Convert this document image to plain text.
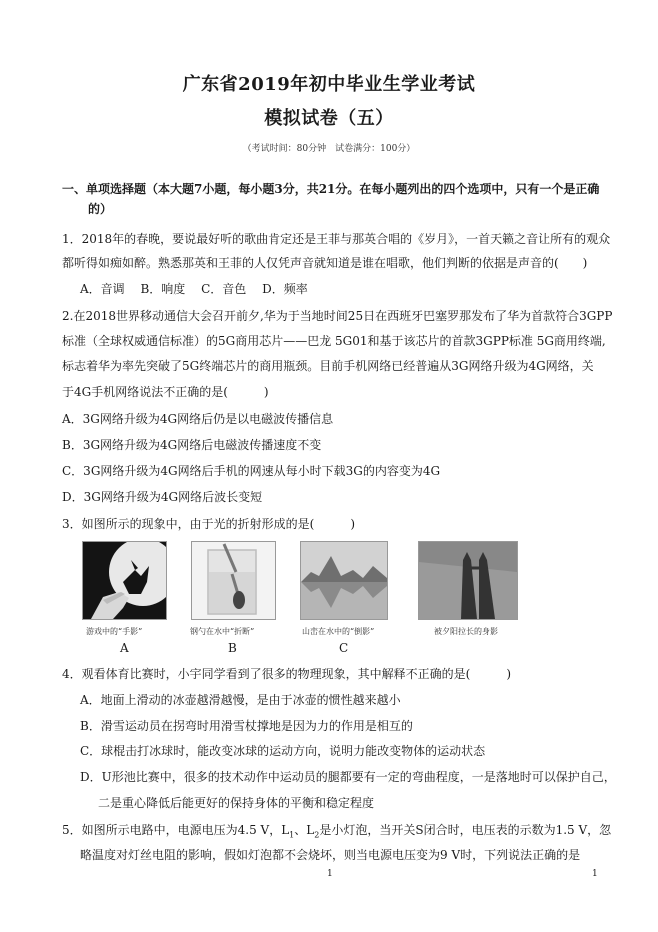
广东省2019年初中毕业生学业考试
模拟试卷（五）
（考试时间：80分钟　试卷满分：100分）
一、单项选择题（本大题7小题，每小题3分，共21分。在每小题列出的四个选项中，只有一个是正确
的）
1．2018年的春晚，要说最好听的歌曲肯定还是王菲与那英合唱的《岁月》，一首天籁之音让所有的观众
都听得如痴如醉。熟悉那英和王菲的人仅凭声音就知道是谁在唱歌，他们判断的依据是声音的(　　)
A．音调　 B．响度　 C．音色　 D．频率
2.在2018世界移动通信大会召开前夕,华为于当地时间25日在西班牙巴塞罗那发布了华为首款符合3GPP
标准（全球权威通信标准）的5G商用芯片——巴龙 5G01和基于该芯片的首款3GPP标准 5G商用终端,
标志着华为率先突破了5G终端芯片的商用瓶颈。目前手机网络已经普遍从3G网络升级为4G网络，关
于4G手机网络说法不正确的是(　　　)
A．3G网络升级为4G网络后仍是以电磁波传播信息
B．3G网络升级为4G网络后电磁波传播速度不变
C．3G网络升级为4G网络后手机的网速从每小时下载3G的内容变为4G
D．3G网络升级为4G网络后波长变短
3．如图所示的现象中，由于光的折射形成的是(　　　)
游戏中的“手影”	钢勺在水中“折断”	山峦在水中的“倒影”	被夕阳拉长的身影
A	B	C
4．观看体育比赛时，小宇同学看到了很多的物理现象，其中解释不正确的是(　　　)
A．地面上滑动的冰壶越滑越慢，是由于冰壶的惯性越来越小
B．滑雪运动员在拐弯时用滑雪杖撑地是因为力的作用是相互的
C．球棍击打冰球时，能改变冰球的运动方向，说明力能改变物体的运动状态
D．U形池比赛中，很多的技术动作中运动员的腿都要有一定的弯曲程度，一是落地时可以保护自己，
二是重心降低后能更好的保持身体的平衡和稳定程度
5．如图所示电路中，电源电压为4.5 V，$L_1$、$L_2$是小灯泡，当开关S闭合时，电压表的示数为1.5 V，忽
略温度对灯丝电阻的影响，假如灯泡都不会烧坏，则当电源电压变为9 V时，下列说法正确的是
1	1
